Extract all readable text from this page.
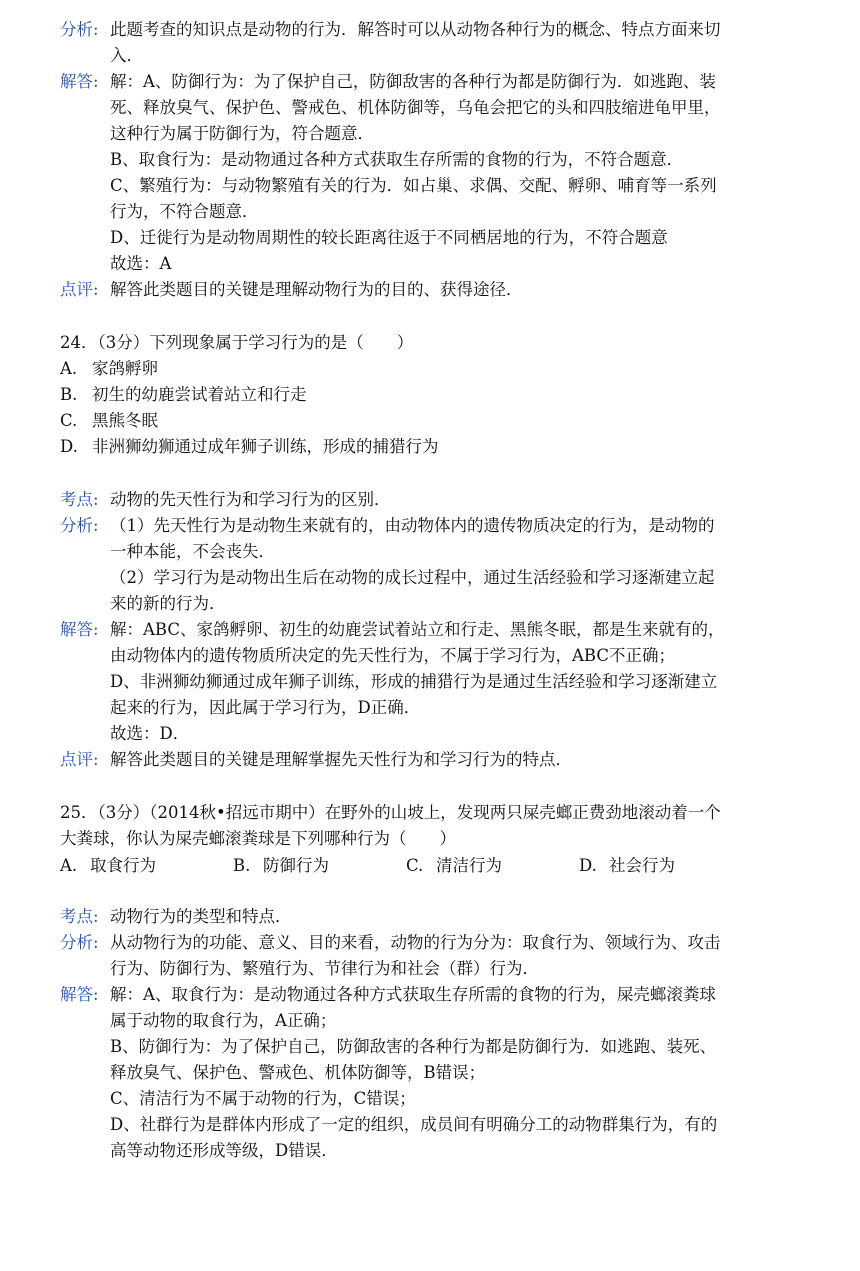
分析: 此题考查的知识点是动物的行为．解答时可以从动物各种行为的概念、特点方面来切
入．
解答: 解：A、防御行为：为了保护自己，防御敌害的各种行为都是防御行为．如逃跑、装
死、释放臭气、保护色、警戒色、机体防御等，乌龟会把它的头和四肢缩进龟甲里，
这种行为属于防御行为，符合题意．
B、取食行为：是动物通过各种方式获取生存所需的食物的行为，不符合题意．
C、繁殖行为：与动物繁殖有关的行为．如占巢、求偶、交配、孵卵、哺育等一系列
行为，不符合题意．
D、迁徙行为是动物周期性的较长距离往返于不同栖居地的行为，不符合题意
故选：A
点评: 解答此类题目的关键是理解动物行为的目的、获得途径．
24．（3分）下列现象属于学习行为的是（　　）
A. 家鸽孵卵
B. 初生的幼鹿尝试着站立和行走
C. 黑熊冬眠
D. 非洲狮幼狮通过成年狮子训练，形成的捕猎行为
考点: 动物的先天性行为和学习行为的区别．
分析: （1）先天性行为是动物生来就有的，由动物体内的遗传物质决定的行为，是动物的
一种本能，不会丧失．
（2）学习行为是动物出生后在动物的成长过程中，通过生活经验和学习逐渐建立起
来的新的行为．
解答: 解：ABC、家鸽孵卵、初生的幼鹿尝试着站立和行走、黑熊冬眠，都是生来就有的，
由动物体内的遗传物质所决定的先天性行为，不属于学习行为，ABC不正确；
D、非洲狮幼狮通过成年狮子训练，形成的捕猎行为是通过生活经验和学习逐渐建立
起来的行为，因此属于学习行为，D正确．
故选：D．
点评: 解答此类题目的关键是理解掌握先天性行为和学习行为的特点．
25．（3分）（2014秋•招远市期中）在野外的山坡上，发现两只屎壳螂正费劲地滚动着一个
大粪球，你认为屎壳螂滚粪球是下列哪种行为（　　）
A. 取食行为	B. 防御行为	C. 清洁行为	D. 社会行为
考点: 动物行为的类型和特点．
分析: 从动物行为的功能、意义、目的来看，动物的行为分为：取食行为、领域行为、攻击
行为、防御行为、繁殖行为、节律行为和社会（群）行为．
解答: 解：A、取食行为：是动物通过各种方式获取生存所需的食物的行为，屎壳螂滚粪球
属于动物的取食行为，A正确；
B、防御行为：为了保护自己，防御敌害的各种行为都是防御行为．如逃跑、装死、
释放臭气、保护色、警戒色、机体防御等，B错误；
C、清洁行为不属于动物的行为，C错误；
D、社群行为是群体内形成了一定的组织，成员间有明确分工的动物群集行为，有的
高等动物还形成等级，D错误．
